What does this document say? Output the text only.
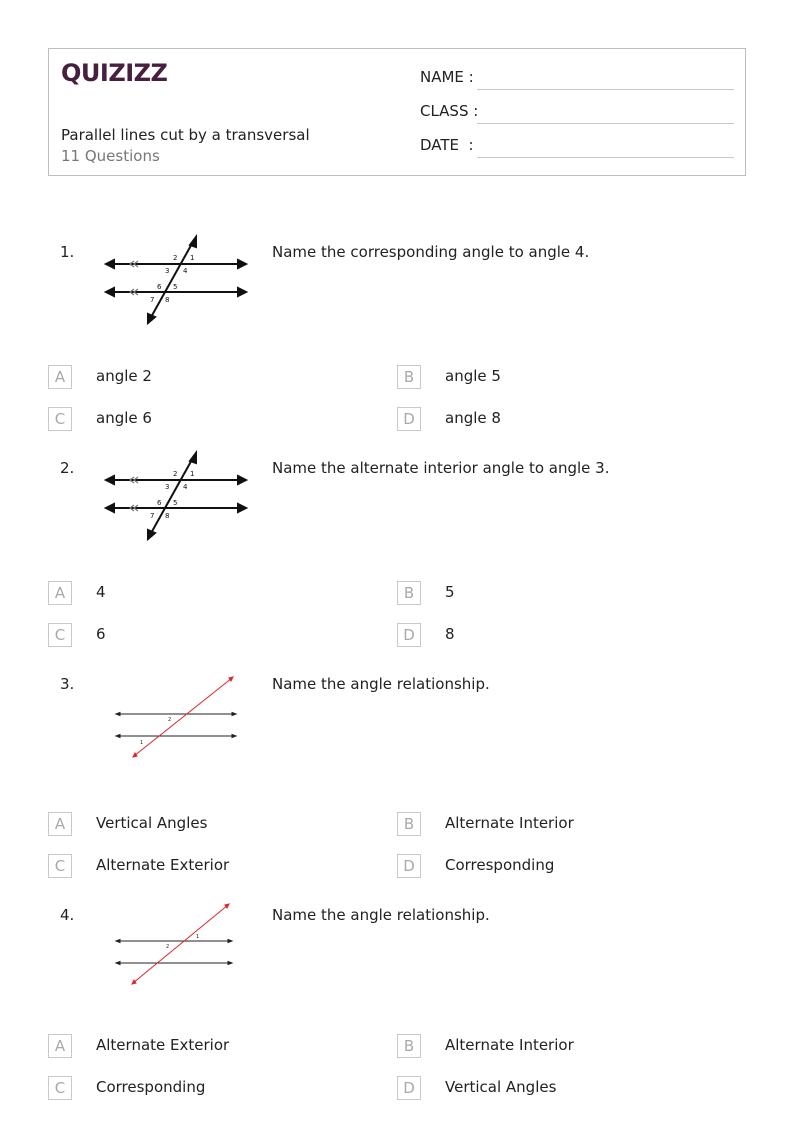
QUIZIZZ
Parallel lines cut by a transversal
11 Questions
NAME :
CLASS :
DATE  :
1.	2 1
3 4
6 5
7 8
Name the corresponding angle to angle 4.
A	angle 2	B	angle 5
C	angle 6	D	angle 8
2.	2 1
3 4
6 5
7 8
Name the alternate interior angle to angle 3.
A	4	B	5
C	6	D	8
3.
2
1
Name the angle relationship.
A	Vertical Angles	B	Alternate Interior
C	Alternate Exterior	D	Corresponding
4.
1
2
Name the angle relationship.
A	Alternate Exterior	B	Alternate Interior
C	Corresponding	D	Vertical Angles
